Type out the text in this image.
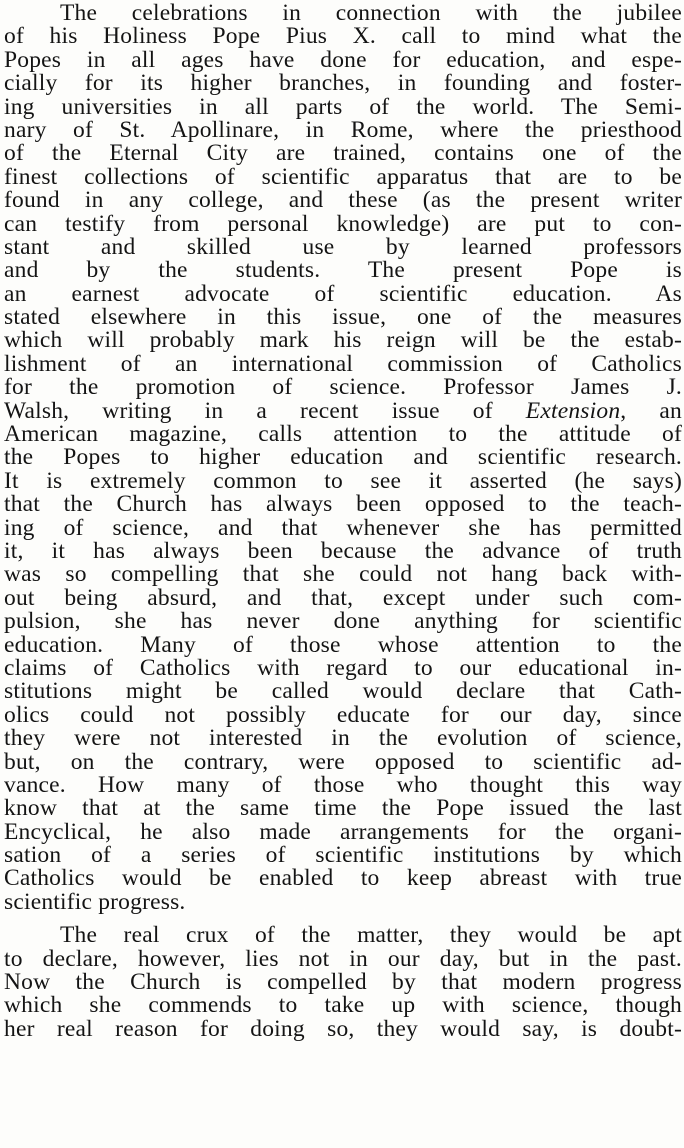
The celebrations in connection with the jubilee
of his Holiness Pope Pius X. call to mind what the
Popes in all ages have done for education, and espe-
cially for its higher branches, in founding and foster-
ing universities in all parts of the world. The Semi-
nary of St. Apollinare, in Rome, where the priesthood
of the Eternal City are trained, contains one of the
finest collections of scientific apparatus that are to be
found in any college, and these (as the present writer
can testify from personal knowledge) are put to con-
stant and skilled use by learned professors
and by the students. The present Pope is
an earnest advocate of scientific education. As
stated elsewhere in this issue, one of the measures
which will probably mark his reign will be the estab-
lishment of an international commission of Catholics
for the promotion of science. Professor James J.
Walsh, writing in a recent issue of Extension, an
American magazine, calls attention to the attitude of
the Popes to higher education and scientific research.
It is extremely common to see it asserted (he says)
that the Church has always been opposed to the teach-
ing of science, and that whenever she has permitted
it, it has always been because the advance of truth
was so compelling that she could not hang back with-
out being absurd, and that, except under such com-
pulsion, she has never done anything for scientific
education. Many of those whose attention to the
claims of Catholics with regard to our educational in-
stitutions might be called would declare that Cath-
olics could not possibly educate for our day, since
they were not interested in the evolution of science,
but, on the contrary, were opposed to scientific ad-
vance. How many of those who thought this way
know that at the same time the Pope issued the last
Encyclical, he also made arrangements for the organi-
sation of a series of scientific institutions by which
Catholics would be enabled to keep abreast with true
scientific progress.
The real crux of the matter, they would be apt
to declare, however, lies not in our day, but in the past.
Now the Church is compelled by that modern progress
which she commends to take up with science, though
her real reason for doing so, they would say, is doubt-
